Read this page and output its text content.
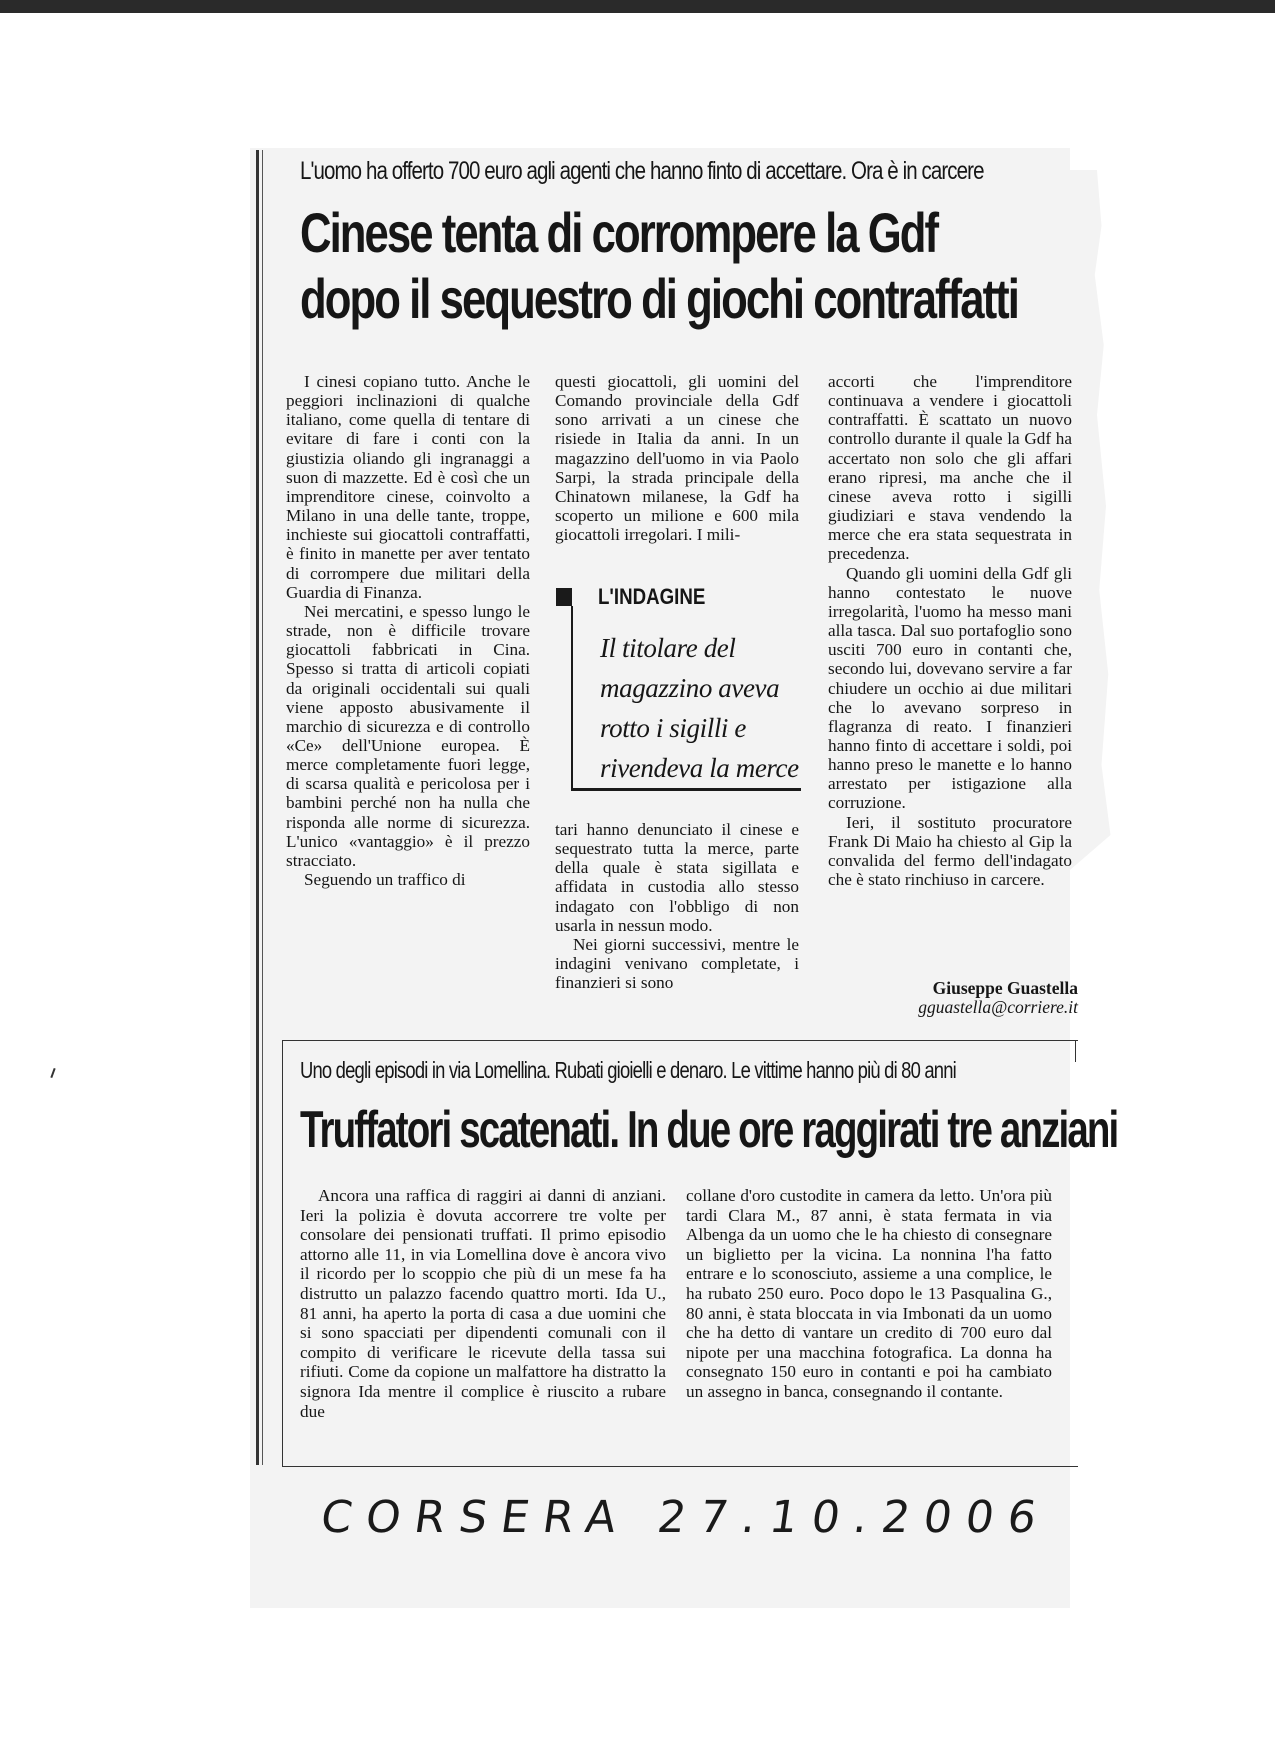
L'uomo ha offerto 700 euro agli agenti che hanno finto di accettare. Ora è in carcere
Cinese tenta di corrompere la Gdf
dopo il sequestro di giochi contraffatti

I cinesi copiano tutto. Anche le peggiori inclinazioni di qualche italiano, come quella di tentare di evitare di fare i conti con la giustizia oliando gli ingranaggi a suon di mazzette. Ed è così che un imprenditore cinese, coinvolto a Milano in una delle tante, troppe, inchieste sui giocattoli contraffatti, è finito in manette per aver tentato di corrompere due militari della Guardia di Finanza.

Nei mercatini, e spesso lungo le strade, non è difficile trovare giocattoli fabbricati in Cina. Spesso si tratta di articoli copiati da originali occidentali sui quali viene apposto abusivamente il marchio di sicurezza e di controllo «Ce» dell'Unione europea. È merce completamente fuori legge, di scarsa qualità e pericolosa per i bambini perché non ha nulla che risponda alle norme di sicurezza. L'unico «vantaggio» è il prezzo stracciato.

Seguendo un traffico di

questi giocattoli, gli uomini del Comando provinciale della Gdf sono arrivati a un cinese che risiede in Italia da anni. In un magazzino dell'uomo in via Paolo Sarpi, la strada principale della Chinatown milanese, la Gdf ha scoperto un milione e 600 mila giocattoli irregolari. I mili-

L'INDAGINE
Il titolare del magazzino aveva rotto i sigilli e rivendeva la merce

tari hanno denunciato il cinese e sequestrato tutta la merce, parte della quale è stata sigillata e affidata in custodia allo stesso indagato con l'obbligo di non usarla in nessun modo.

Nei giorni successivi, mentre le indagini venivano completate, i finanzieri si sono

accorti che l'imprenditore continuava a vendere i giocattoli contraffatti. È scattato un nuovo controllo durante il quale la Gdf ha accertato non solo che gli affari erano ripresi, ma anche che il cinese aveva rotto i sigilli giudiziari e stava vendendo la merce che era stata sequestrata in precedenza.

Quando gli uomini della Gdf gli hanno contestato le nuove irregolarità, l'uomo ha messo mani alla tasca. Dal suo portafoglio sono usciti 700 euro in contanti che, secondo lui, dovevano servire a far chiudere un occhio ai due militari che lo avevano sorpreso in flagranza di reato. I finanzieri hanno finto di accettare i soldi, poi hanno preso le manette e lo hanno arrestato per istigazione alla corruzione.

Ieri, il sostituto procuratore Frank Di Maio ha chiesto al Gip la convalida del fermo dell'indagato che è stato rinchiuso in carcere.

Giuseppe Guastella
gguastella@corriere.it
Uno degli episodi in via Lomellina. Rubati gioielli e denaro. Le vittime hanno più di 80 anni
Truffatori scatenati. In due ore raggirati tre anziani

Ancora una raffica di raggiri ai danni di anziani. Ieri la polizia è dovuta accorrere tre volte per consolare dei pensionati truffati. Il primo episodio attorno alle 11, in via Lomellina dove è ancora vivo il ricordo per lo scoppio che più di un mese fa ha distrutto un palazzo facendo quattro morti. Ida U., 81 anni, ha aperto la porta di casa a due uomini che si sono spacciati per dipendenti comunali con il compito di verificare le ricevute della tassa sui rifiuti. Come da copione un malfattore ha distratto la signora Ida mentre il complice è riuscito a rubare due

collane d'oro custodite in camera da letto. Un'ora più tardi Clara M., 87 anni, è stata fermata in via Albenga da un uomo che le ha chiesto di consegnare un biglietto per la vicina. La nonnina l'ha fatto entrare e lo sconosciuto, assieme a una complice, le ha rubato 250 euro. Poco dopo le 13 Pasqualina G., 80 anni, è stata bloccata in via Imbonati da un uomo che ha detto di vantare un credito di 700 euro dal nipote per una macchina fotografica. La donna ha consegnato 150 euro in contanti e poi ha cambiato un assegno in banca, consegnando il contante.

CORSERA 27.10.2006
